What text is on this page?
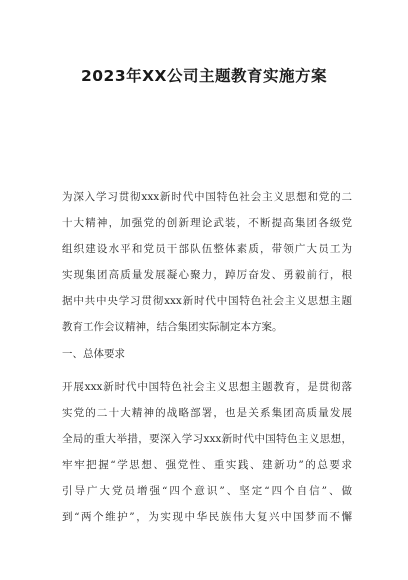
2023年XX公司主题教育实施方案
为深入学习贯彻xxx新时代中国特色社会主义思想和党的二
十大精神，加强党的创新理论武装，不断提高集团各级党
组织建设水平和党员干部队伍整体素质，带领广大员工为
实现集团高质量发展凝心聚力，踔厉奋发、勇毅前行，根
据中共中央学习贯彻xxx新时代中国特色社会主义思想主题
教育工作会议精神，结合集团实际制定本方案。
一、总体要求
开展xxx新时代中国特色社会主义思想主题教育，是贯彻落
实党的二十大精神的战略部署，也是关系集团高质量发展
全局的重大举措，要深入学习xxx新时代中国特色主义思想，
牢牢把握“学思想、强党性、重实践、建新功”的总要求
引导广大党员增强“四个意识”、坚定“四个自信”、做
到“两个维护”，为实现中华民族伟大复兴中国梦而不懈
